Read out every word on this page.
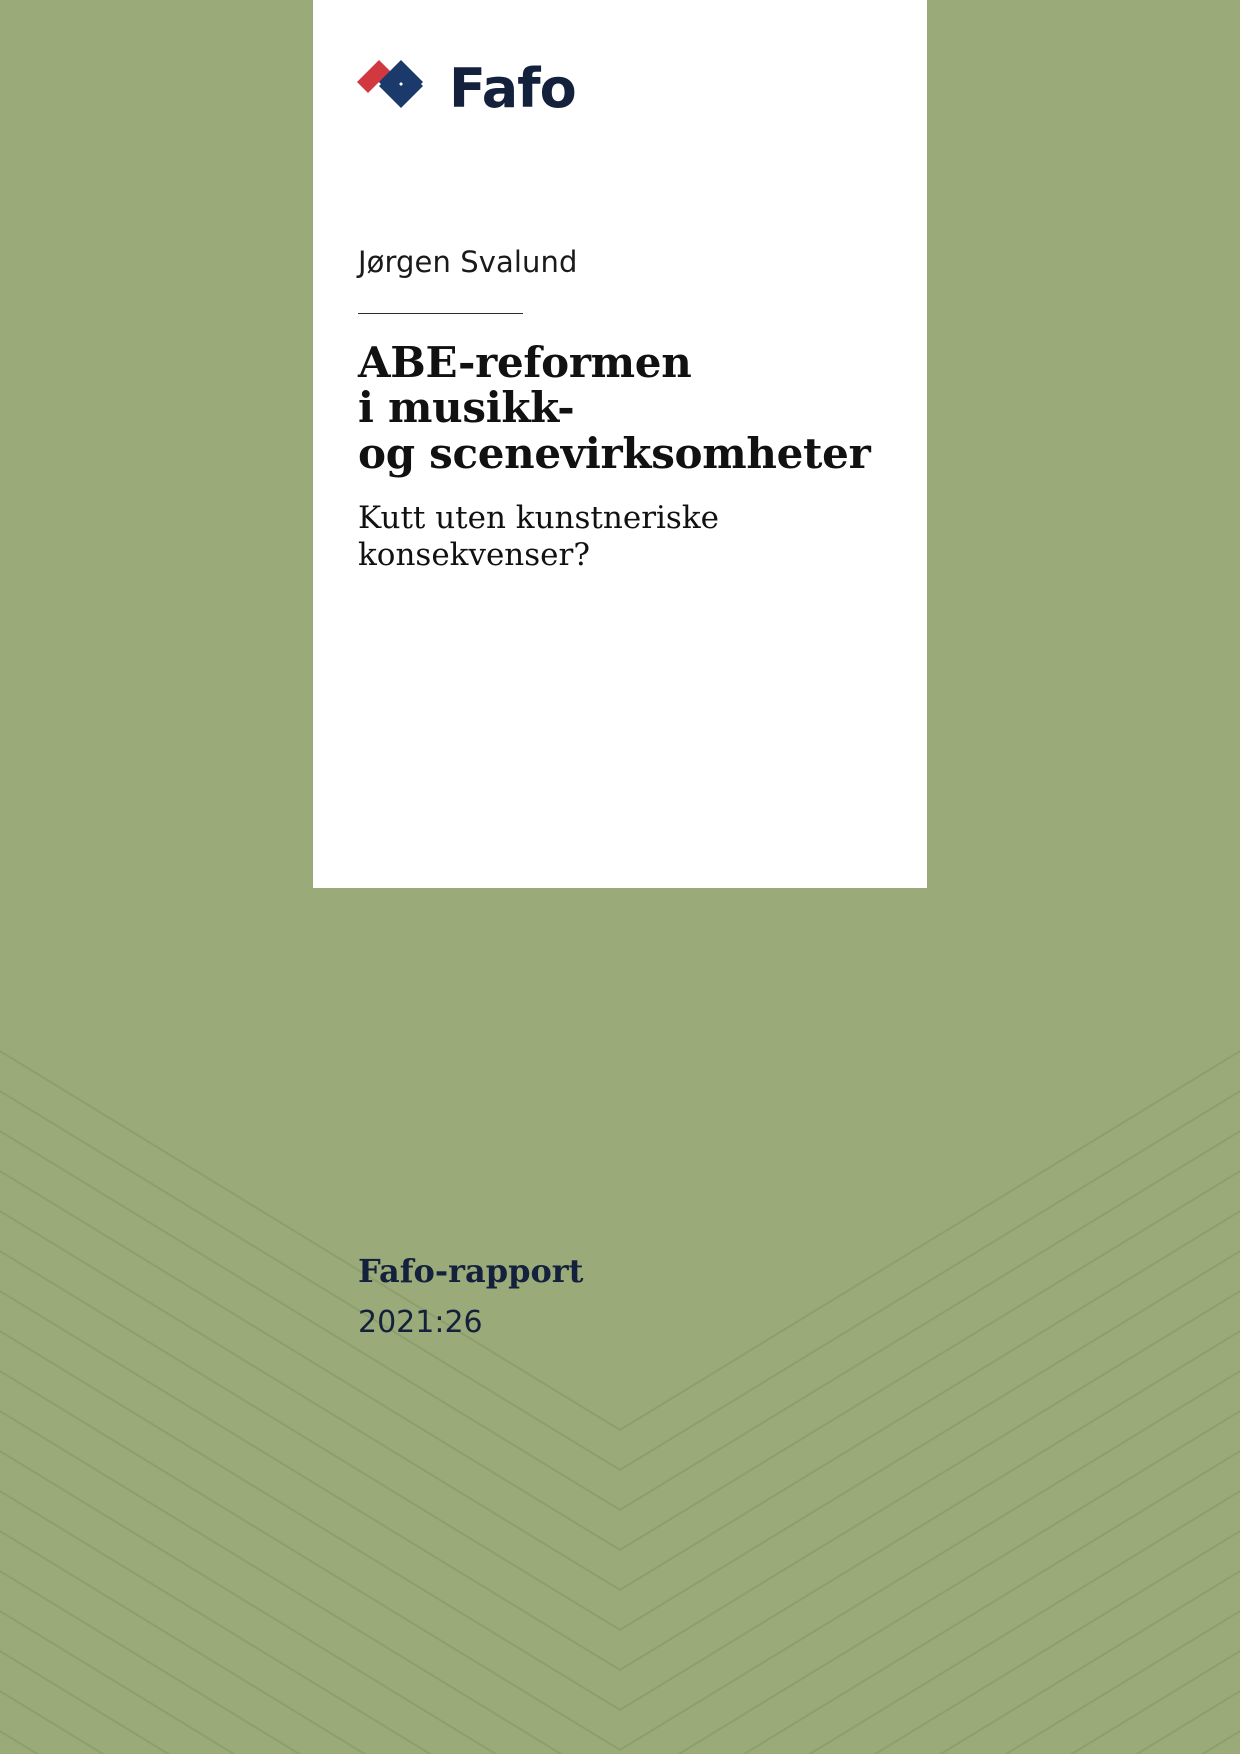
Fafo
Jørgen Svalund
ABE-reformen
i musikk-
og scenevirksomheter
Kutt uten kunstneriske
konsekvenser?
Fafo-rapport
2021:26
